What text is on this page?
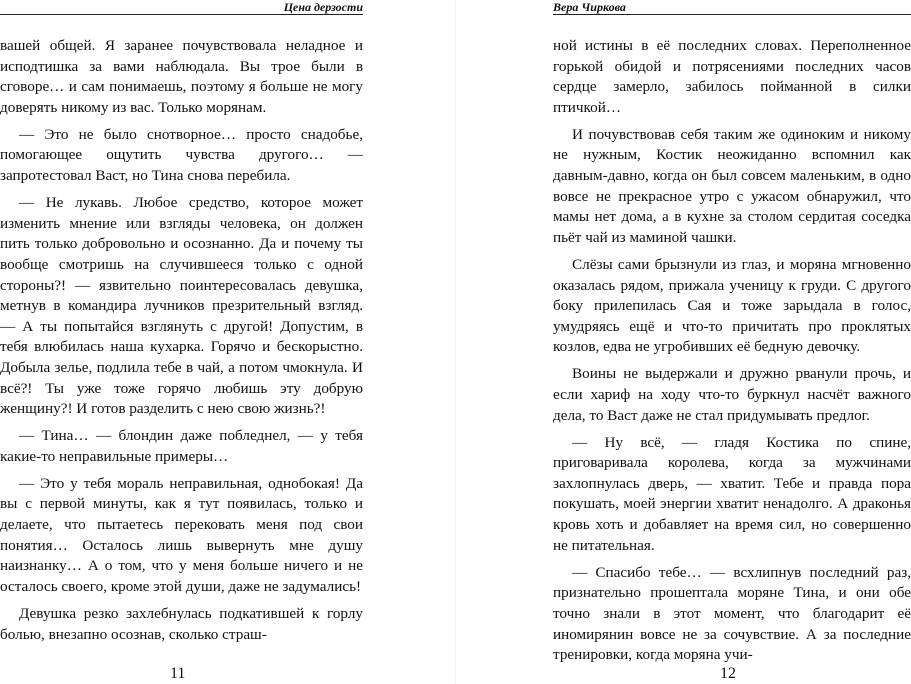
Цена дерзости

вашей общей. Я заранее почувствовала неладное и исподтишка за вами наблюдала. Вы трое были в сговоре… и сам понимаешь, поэтому я больше не могу доверять никому из вас. Только морянам.

— Это не было снотворное… просто снадобье, помогающее ощутить чувства другого… — запротестовал Васт, но Тина снова перебила.

— Не лукавь. Любое средство, которое может изменить мнение или взгляды человека, он должен пить только добровольно и осознанно. Да и почему ты вообще смотришь на случившееся только с одной стороны?! — язвительно поинтересовалась девушка, метнув в командира лучников презрительный взгляд. — А ты попытайся взглянуть с другой! Допустим, в тебя влюбилась наша кухарка. Горячо и бескорыстно. Добыла зелье, подлила тебе в чай, а потом чмокнула. И всё?! Ты уже тоже горячо любишь эту добрую женщину?! И готов разделить с нею свою жизнь?!

— Тина… — блондин даже побледнел, — у тебя какие-то неправильные примеры…

— Это у тебя мораль неправильная, однобокая! Да вы с первой минуты, как я тут появилась, только и делаете, что пытаетесь перековать меня под свои понятия… Осталось лишь вывернуть мне душу наизнанку… А о том, что у меня больше ничего и не осталось своего, кроме этой души, даже не задумались!

Девушка резко захлебнулась подкатившей к горлу болью, внезапно осознав, сколько страш-

11
Вера Чиркова

ной истины в её последних словах. Переполненное горькой обидой и потрясениями последних часов сердце замерло, забилось пойманной в силки птичкой…

И почувствовав себя таким же одиноким и никому не нужным, Костик неожиданно вспомнил как давным-давно, когда он был совсем маленьким, в одно вовсе не прекрасное утро с ужасом обнаружил, что мамы нет дома, а в кухне за столом сердитая соседка пьёт чай из маминой чашки.

Слёзы сами брызнули из глаз, и моряна мгновенно оказалась рядом, прижала ученицу к груди. С другого боку прилепилась Сая и тоже зарыдала в голос, умудряясь ещё и что-то причитать про проклятых козлов, едва не угробивших её бедную девочку.

Воины не выдержали и дружно рванули прочь, и если хариф на ходу что-то буркнул насчёт важного дела, то Васт даже не стал придумывать предлог.

— Ну всё, — гладя Костика по спине, приговаривала королева, когда за мужчинами захлопнулась дверь, — хватит. Тебе и правда пора покушать, моей энергии хватит ненадолго. А драконья кровь хоть и добавляет на время сил, но совершенно не питательная.

— Спасибо тебе… — всхлипнув последний раз, признательно прошептала моряне Тина, и они обе точно знали в этот момент, что благодарит её иномирянин вовсе не за сочувствие. А за последние тренировки, когда моряна учи-

12
